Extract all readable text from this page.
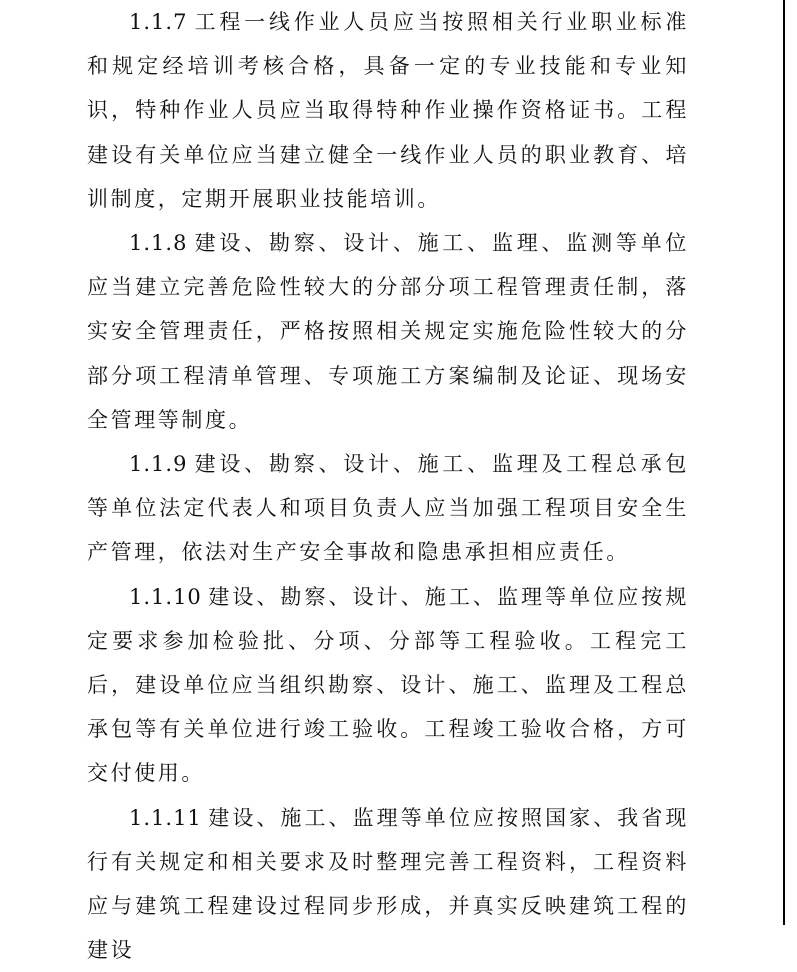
1.1.7 工程一线作业人员应当按照相关行业职业标准和规定经培训考核合格，具备一定的专业技能和专业知识，特种作业人员应当取得特种作业操作资格证书。工程建设有关单位应当建立健全一线作业人员的职业教育、培训制度，定期开展职业技能培训。

1.1.8 建设、勘察、设计、施工、监理、监测等单位应当建立完善危险性较大的分部分项工程管理责任制，落实安全管理责任，严格按照相关规定实施危险性较大的分部分项工程清单管理、专项施工方案编制及论证、现场安全管理等制度。

1.1.9 建设、勘察、设计、施工、监理及工程总承包等单位法定代表人和项目负责人应当加强工程项目安全生产管理，依法对生产安全事故和隐患承担相应责任。

1.1.10 建设、勘察、设计、施工、监理等单位应按规定要求参加检验批、分项、分部等工程验收。工程完工后，建设单位应当组织勘察、设计、施工、监理及工程总承包等有关单位进行竣工验收。工程竣工验收合格，方可交付使用。

1.1.11 建设、施工、监理等单位应按照国家、我省现行有关规定和相关要求及时整理完善工程资料，工程资料应与建筑工程建设过程同步形成，并真实反映建筑工程的建设
